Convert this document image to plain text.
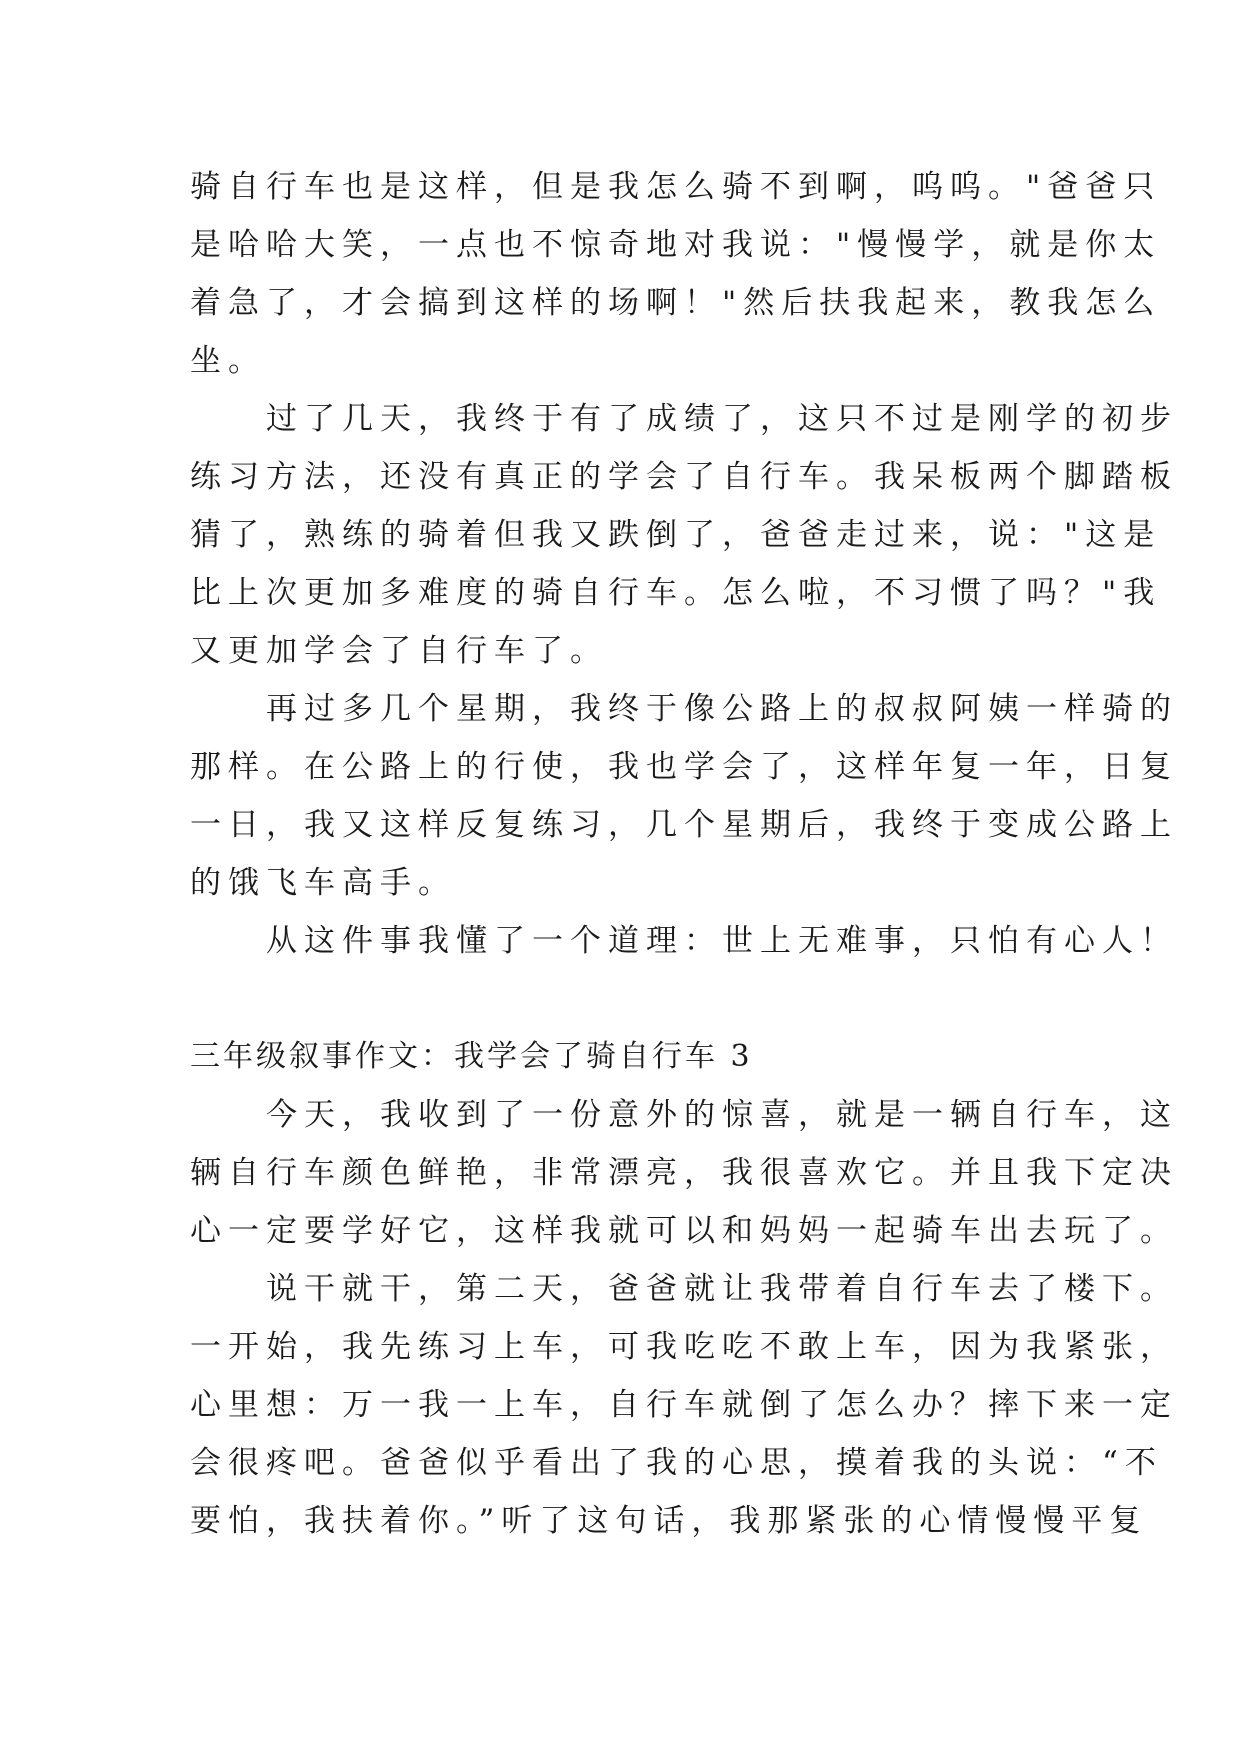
骑自行车也是这样，但是我怎么骑不到啊，呜呜。"爸爸只
是哈哈大笑，一点也不惊奇地对我说："慢慢学，就是你太
着急了，才会搞到这样的场啊！"然后扶我起来，教我怎么
坐。
　　过了几天，我终于有了成绩了，这只不过是刚学的初步
练习方法，还没有真正的学会了自行车。我呆板两个脚踏板
猜了，熟练的骑着但我又跌倒了，爸爸走过来，说："这是
比上次更加多难度的骑自行车。怎么啦，不习惯了吗？"我
又更加学会了自行车了。
　　再过多几个星期，我终于像公路上的叔叔阿姨一样骑的
那样。在公路上的行使，我也学会了，这样年复一年，日复
一日，我又这样反复练习，几个星期后，我终于变成公路上
的饿飞车高手。
　　从这件事我懂了一个道理：世上无难事，只怕有心人！
三年级叙事作文：我学会了骑自行车 3
　　今天，我收到了一份意外的惊喜，就是一辆自行车，这
辆自行车颜色鲜艳，非常漂亮，我很喜欢它。并且我下定决
心一定要学好它，这样我就可以和妈妈一起骑车出去玩了。
　　说干就干，第二天，爸爸就让我带着自行车去了楼下。
一开始，我先练习上车，可我吃吃不敢上车，因为我紧张，
心里想：万一我一上车，自行车就倒了怎么办？摔下来一定
会很疼吧。爸爸似乎看出了我的心思，摸着我的头说：“不
要怕，我扶着你。”听了这句话，我那紧张的心情慢慢平复
